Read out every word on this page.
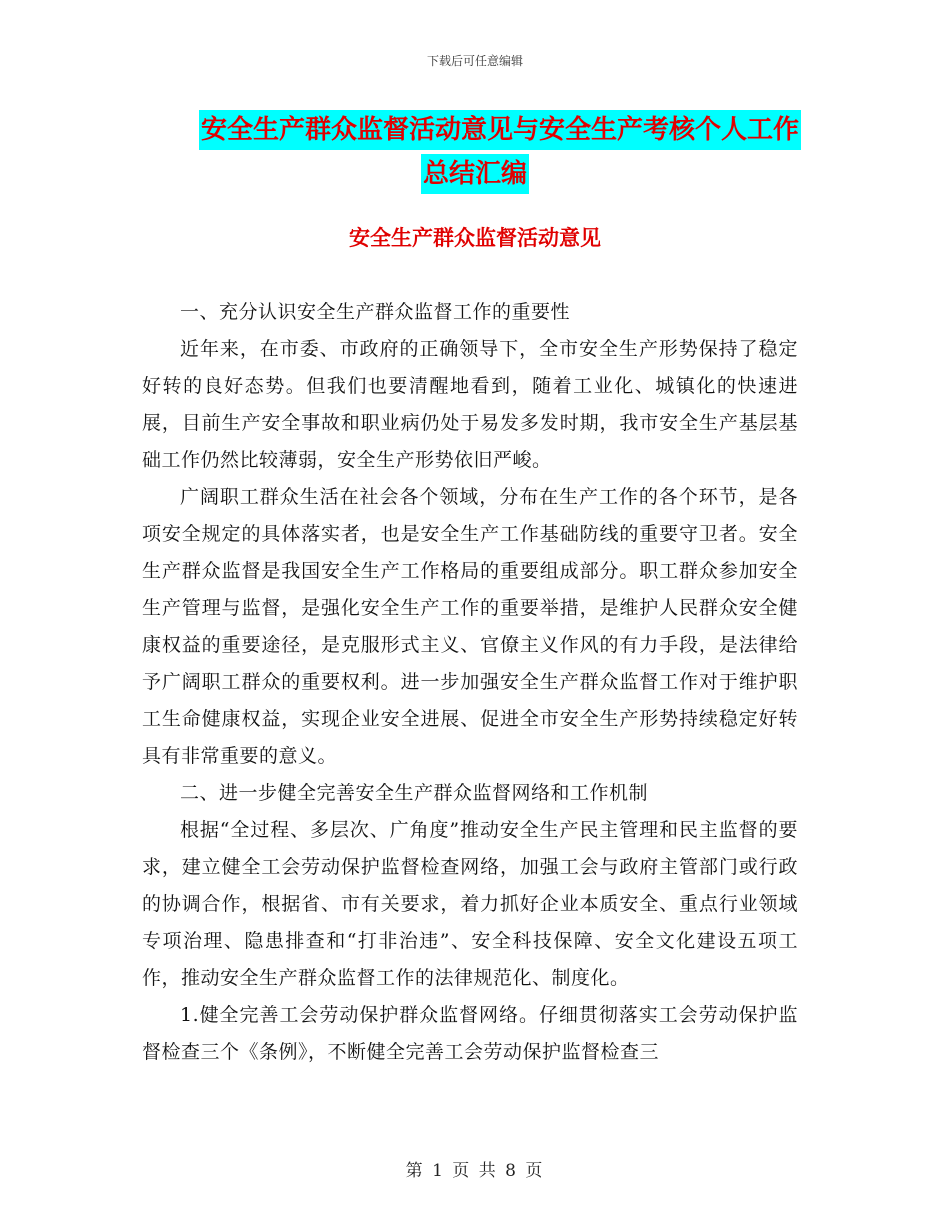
下载后可任意编辑
安全生产群众监督活动意见与安全生产考核个人工作
总结汇编
安全生产群众监督活动意见

一、充分认识安全生产群众监督工作的重要性

近年来，在市委、市政府的正确领导下，全市安全生产形势保持了稳定好转的良好态势。但我们也要清醒地看到，随着工业化、城镇化的快速进展，目前生产安全事故和职业病仍处于易发多发时期，我市安全生产基层基础工作仍然比较薄弱，安全生产形势依旧严峻。

广阔职工群众生活在社会各个领域，分布在生产工作的各个环节，是各项安全规定的具体落实者，也是安全生产工作基础防线的重要守卫者。安全生产群众监督是我国安全生产工作格局的重要组成部分。职工群众参加安全生产管理与监督，是强化安全生产工作的重要举措，是维护人民群众安全健康权益的重要途径，是克服形式主义、官僚主义作风的有力手段，是法律给予广阔职工群众的重要权利。进一步加强安全生产群众监督工作对于维护职工生命健康权益，实现企业安全进展、促进全市安全生产形势持续稳定好转具有非常重要的意义。

二、进一步健全完善安全生产群众监督网络和工作机制

根据“全过程、多层次、广角度”推动安全生产民主管理和民主监督的要求，建立健全工会劳动保护监督检查网络，加强工会与政府主管部门或行政的协调合作，根据省、市有关要求，着力抓好企业本质安全、重点行业领域专项治理、隐患排查和“打非治违”、安全科技保障、安全文化建设五项工作，推动安全生产群众监督工作的法律规范化、制度化。

1.健全完善工会劳动保护群众监督网络。仔细贯彻落实工会劳动保护监督检查三个《条例》，不断健全完善工会劳动保护监督检查三

第 1 页 共 8 页
